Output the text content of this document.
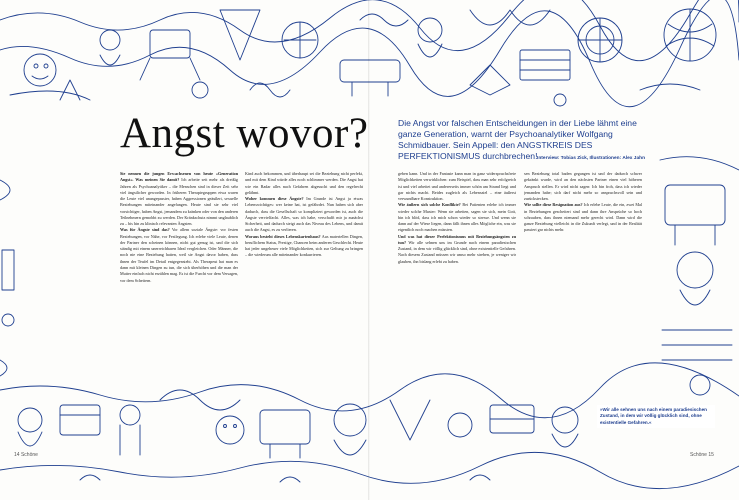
Angst wovor?	Die Angst vor falschen Entscheidungen in der Liebe lähmt eine ganze Generation, warnt der Psychoanalytiker Wolfgang Schmidbauer. Sein Appell: den ANGSTKREIS DES PERFEKTIONISMUS durchbrechen! Interview: Tobias Zick, Illustrationen: Alex Jahn

Sie nennen die jungen Erwachsenen von heute »Generation Angst«. Was meinen Sie damit? Ich arbeite seit mehr als dreißig Jahren als Psychoanalytiker – die Menschen sind in dieser Zeit sehr viel ängstlicher geworden. In früheren Therapiegruppen etwa waren die Leute viel unangepasster, haben Aggressionen geäußert, sexuelle Beziehungen miteinander angefangen. Heute sind sie sehr viel vorsichtiger, haben Angst, jemandem zu kränken oder von den anderen Teilnehmern gemobbt zu werden. Der Kränkschutz nimmt unglaublich zu – bis hin zu klinisch relevanten Ängsten.

Was für Ängste sind das? Vor allem soziale Ängste: vor festen Beziehungen, vor Nähe, vor Festlegung. Ich erlebe viele Leute, denen der Partner den scheinen können, nicht gut genug ist, und die sich ständig mit einem unerreichbaren Ideal vergleichen. Oder Männer, die noch nie eine Beziehung hatten, weil sie Angst davor haben, dass ihnen der Teufel im Detail entgegensteht. Als Therapeut hat man es dann mit kleinen Dingen zu tun, die sich überhöhen und die man der Mutter einfach nicht erzählen mag. Es ist die Furcht vor dem Versagen, vor dem Scheitern.

Kind auch bekommen, und überhaupt sei die Beziehung nicht perfekt, und mit dem Kind würde alles noch schlimmer werden. Die Angst hat wie ein Radar alles nach Gefahren abgesucht und den regelrecht gelähmt.

Woher kommen diese Ängste? Im Grunde ist Angst ja etwas Lebenswichtiges: wer keine hat, ist gefährdet. Nun haben sich aber dadurch, dass die Gesellschaft so kompliziert geworden ist, auch die Ängste vervielfacht. Alles, was ich habe, verschafft mir ja zunächst Sicherheit, und dadurch steigt auch das Niveau des Lebens, und damit auch die Angst, es zu verlieren.

Woraus besteht dieses Lebenskartenhaus? Aus materiellen Dingen, beruflichem Status, Prestige, Chancen beim anderen Geschlecht. Heute hat jeder ungeheuer viele Möglichkeiten, sich zur Geltung zu bringen – die wiederum alle miteinander konkurrieren.

geben kann. Und in der Fantasie kann man in ganz widerspruchsfreie Möglichkeiten verwirklichen: zum Beispiel, dass man sehr erfolgreich ist und viel arbeitet und andererseits immer schön am Strand liegt und gar nichts macht. Beides zugleich als Lebensziel – eine äußerst verwundbare Konstruktion.

Wie äußern sich solche Konflikte? Bei Patienten erlebe ich immer wieder solche Muster: Wenn sie arbeiten, sagen sie sich, mein Gott, bin ich blöd, dass ich mich schon wieder so stresse. Und wenn sie dann auf der Wiese liegen, dann fällt ihnen alles Mögliche ein, was sie eigentlich noch machen müssten.

Und was hat dieser Perfektionismus mit Beziehungsängsten zu tun? Wir alle sehnen uns im Grunde nach einem paradiesischen Zustand, in dem wir völlig glücklich sind, ohne existentielle Gefahren. Nach diesem Zustand müssen wir umso mehr streben, je weniger wir glauben, ihn bislang erlebt zu haben.

sen Beziehung total baden gegangen ist und der dadurch schwer gekränkt wurde, wird an den nächsten Partner einen viel höheren Anspruch stellen. Er wird nicht sagen: Ich bin froh, dass ich wieder jemanden habe; sich darf nicht mehr so anspruchsvoll sein und zurückstecken.

Wie sollte diese Resignation aus? Ich erlebe Leute, die ein, zwei Mal in Beziehungen gescheitert sind und dann ihre Ansprüche so hoch schrauben, dass ihnen niemand mehr gerecht wird. Dann wird die ganze Beziehung vielleicht in die Zukunft verlegt, und in der Realität passiert gar nichts mehr.

»Wir alle sehnen uns nach einem paradiesischen Zustand, in dem wir völlig glücklich sind, ohne existentielle Gefahren.«
14 Schöne	Schöne 15
